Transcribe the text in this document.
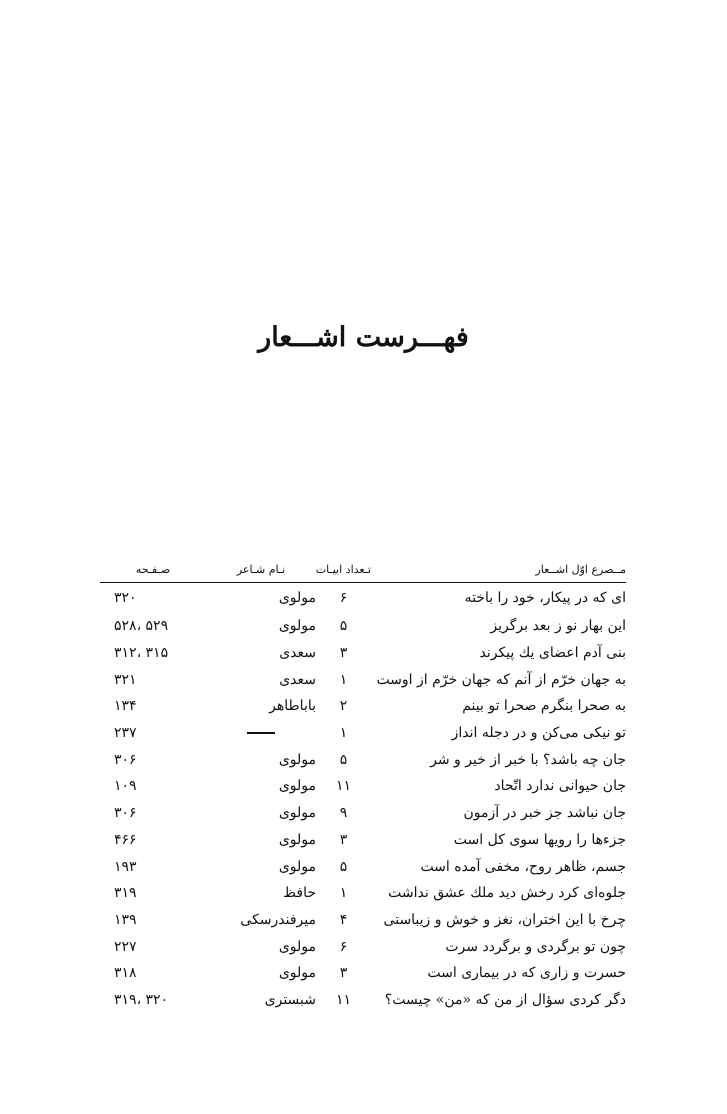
فهـــرست اشـــعار
مــصرع اوّل اشــعار	تـعداد ابیـات	نـام شـاعر	صـفـحه
ای که در پیکار، خود را باخته	۶	مولوی	۳۲۰
این بهار نو ز بعد برگریز	۵	مولوی	۵۲۹ ،۵۲۸
بنی آدم اعضای یك پیکرند	۳	سعدی	۳۱۵ ،۳۱۲
به جهان خرّم از آنم که جهان خرّم از اوست	۱	سعدی	۳۲۱
به صحرا بنگرم صحرا تو بینم	۲	باباطاهر	۱۳۴
تو نیکی می‌کن و در دجله انداز	۱		۲۳۷
جان چه باشد؟ با خبر از خیر و شر	۵	مولوی	۳۰۶
جان حیوانی ندارد اتّحاد	۱۱	مولوی	۱۰۹
جان نباشد جز خبر در آزمون	۹	مولوی	۳۰۶
جزءها را رویها سوی کل است	۳	مولوی	۴۶۶
جسم، ظاهر روح، مخفی آمده است	۵	مولوی	۱۹۳
جلوه‌ای کرد رخش دید ملك عشق نداشت	۱	حافظ	۳۱۹
چرخ با این اختران، نغز و خوش و زیباستی	۴	میرفندرسکی	۱۳۹
چون تو برگردی و برگردد سرت	۶	مولوی	۲۲۷
حسرت و زاری که در بیماری است	۳	مولوی	۳۱۸
دگر کردی سؤال از من که «من» چیست؟	۱۱	شبستری	۳۲۰ ،۳۱۹
